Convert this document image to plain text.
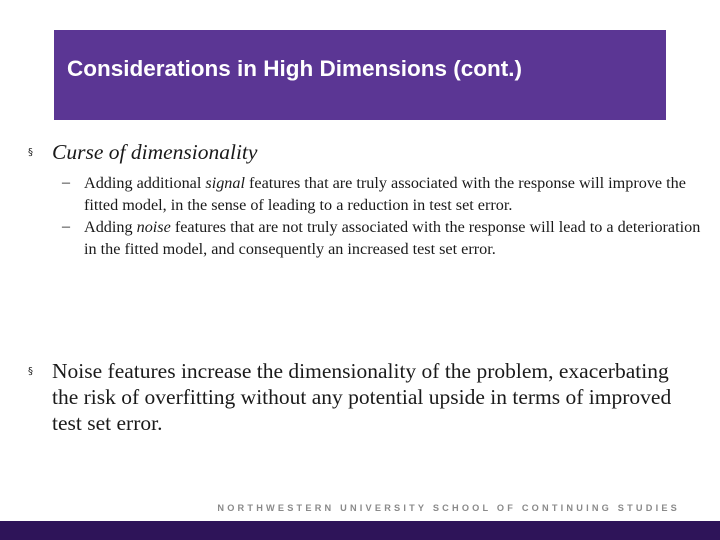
Considerations in High Dimensions (cont.)
§ Curse of dimensionality
– Adding additional signal features that are truly associated with the response will improve the fitted model, in the sense of leading to a reduction in test set error.
– Adding noise features that are not truly associated with the response will lead to a deterioration in the fitted model, and consequently an increased test set error.
§ Noise features increase the dimensionality of the problem, exacerbating the risk of overfitting without any potential upside in terms of improved test set error.
NORTHWESTERN UNIVERSITY SCHOOL OF CONTINUING STUDIES
